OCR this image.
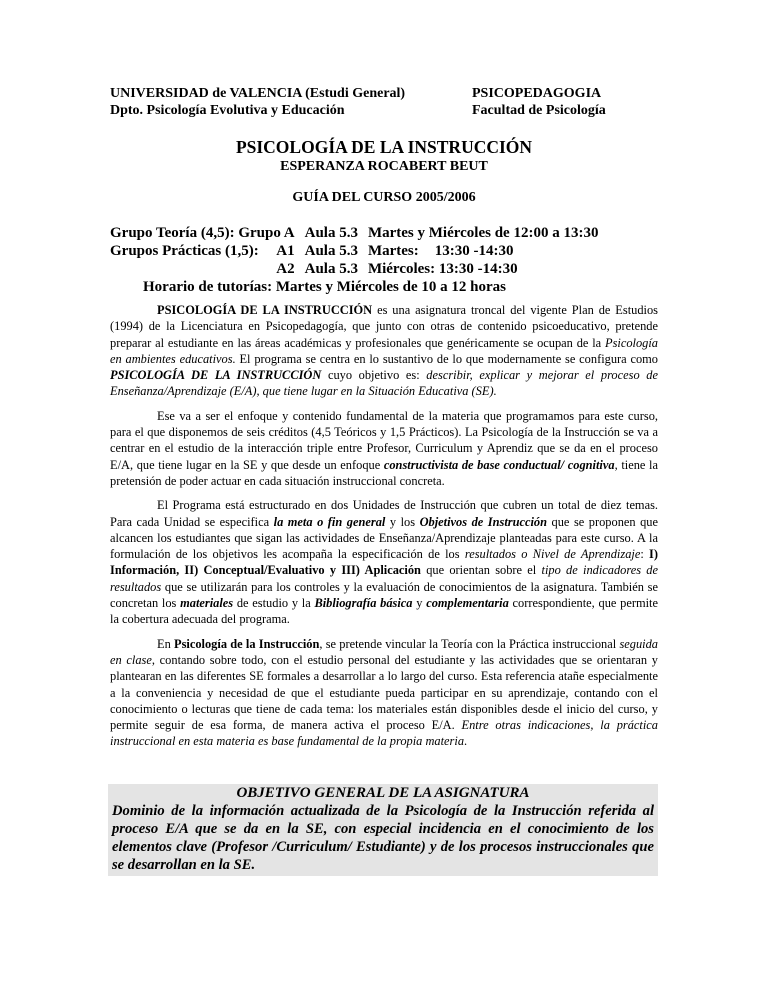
UNIVERSIDAD de VALENCIA (Estudi General)
Dpto. Psicología Evolutiva y Educación
PSICOPEDAGOGIA
Facultad de Psicología
PSICOLOGÍA DE LA INSTRUCCIÓN
ESPERANZA ROCABERT BEUT
GUÍA DEL CURSO 2005/2006
Grupo Teoría (4,5): Grupo A Aula 5.3 Martes y Miércoles de 12:00 a 13:30
Grupos Prácticas (1,5): A1 Aula 5.3 Martes: 13:30 -14:30
A2 Aula 5.3 Miércoles: 13:30 -14:30
Horario de tutorías: Martes y Miércoles de 10 a 12 horas

PSICOLOGÍA DE LA INSTRUCCIÓN es una asignatura troncal del vigente Plan de Estudios (1994) de la Licenciatura en Psicopedagogía, que junto con otras de contenido psicoeducativo, pretende preparar al estudiante en las áreas académicas y profesionales que genéricamente se ocupan de la Psicología en ambientes educativos. El programa se centra en lo sustantivo de lo que modernamente se configura como PSICOLOGÍA DE LA INSTRUCCIÓN cuyo objetivo es: describir, explicar y mejorar el proceso de Enseñanza/Aprendizaje (E/A), que tiene lugar en la Situación Educativa (SE).

Ese va a ser el enfoque y contenido fundamental de la materia que programamos para este curso, para el que disponemos de seis créditos (4,5 Teóricos y 1,5 Prácticos). La Psicología de la Instrucción se va a centrar en el estudio de la interacción triple entre Profesor, Curriculum y Aprendiz que se da en el proceso E/A, que tiene lugar en la SE y que desde un enfoque constructivista de base conductual/ cognitiva, tiene la pretensión de poder actuar en cada situación instruccional concreta.

El Programa está estructurado en dos Unidades de Instrucción que cubren un total de diez temas. Para cada Unidad se especifica la meta o fin general y los Objetivos de Instrucción que se proponen que alcancen los estudiantes que sigan las actividades de Enseñanza/Aprendizaje planteadas para este curso. A la formulación de los objetivos les acompaña la especificación de los resultados o Nivel de Aprendizaje: I) Información, II) Conceptual/Evaluativo y III) Aplicación que orientan sobre el tipo de indicadores de resultados que se utilizarán para los controles y la evaluación de conocimientos de la asignatura. También se concretan los materiales de estudio y la Bibliografía básica y complementaria correspondiente, que permite la cobertura adecuada del programa.

En Psicología de la Instrucción, se pretende vincular la Teoría con la Práctica instruccional seguida en clase, contando sobre todo, con el estudio personal del estudiante y las actividades que se orientaran y plantearan en las diferentes SE formales a desarrollar a lo largo del curso. Esta referencia atañe especialmente a la conveniencia y necesidad de que el estudiante pueda participar en su aprendizaje, contando con el conocimiento o lecturas que tiene de cada tema: los materiales están disponibles desde el inicio del curso, y permite seguir de esa forma, de manera activa el proceso E/A. Entre otras indicaciones, la práctica instruccional en esta materia es base fundamental de la propia materia.

OBJETIVO GENERAL DE LA ASIGNATURA
Dominio de la información actualizada de la Psicología de la Instrucción referida al proceso E/A que se da en la SE, con especial incidencia en el conocimiento de los elementos clave (Profesor /Curriculum/ Estudiante) y de los procesos instruccionales que se desarrollan en la SE.
